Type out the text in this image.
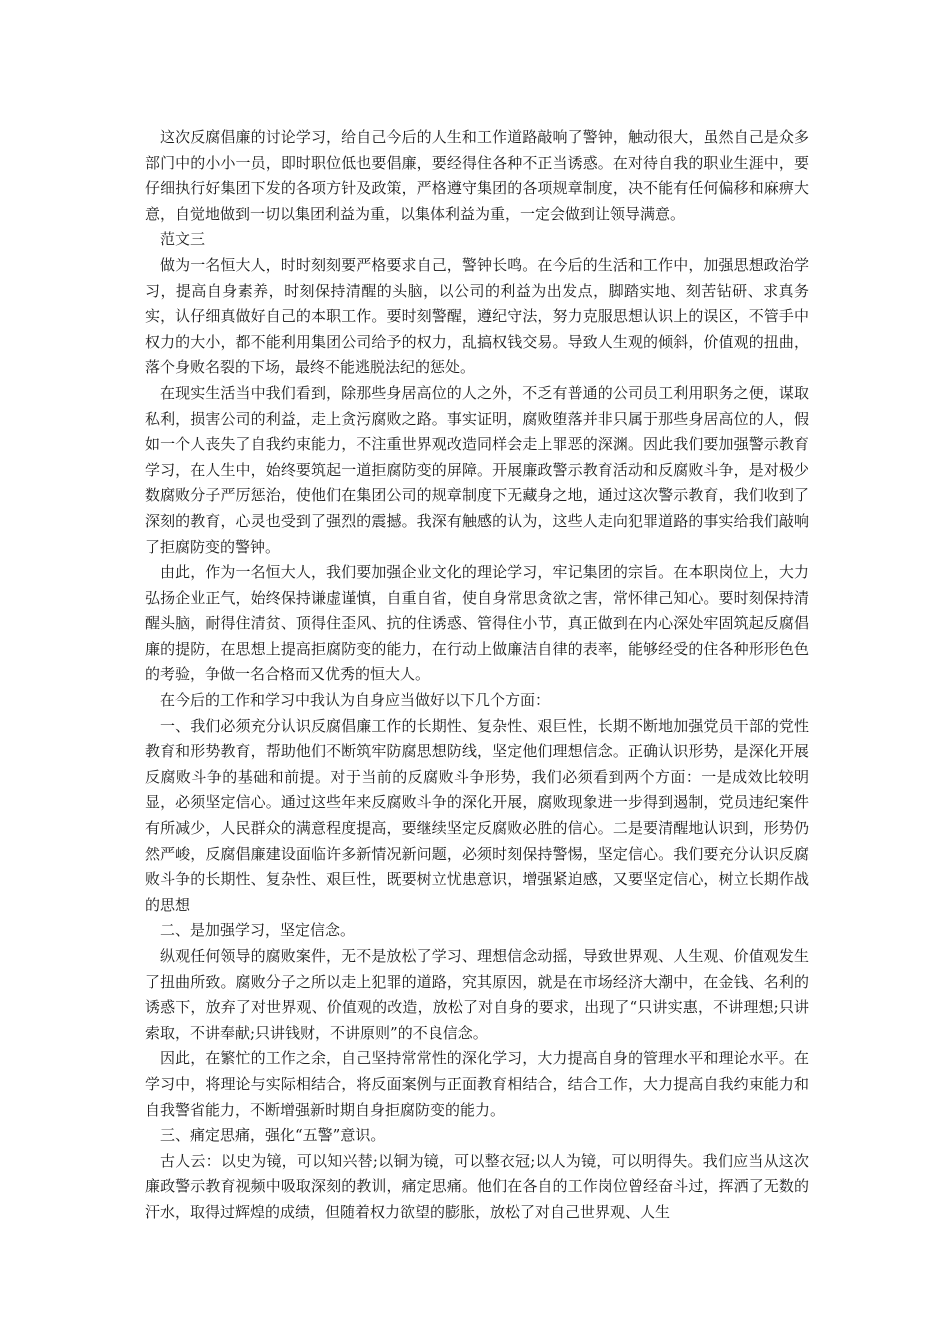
这次反腐倡廉的讨论学习，给自己今后的人生和工作道路敲响了警钟，触动很大，虽然自己是众多部门中的小小一员，即时职位低也要倡廉，要经得住各种不正当诱惑。在对待自我的职业生涯中，要仔细执行好集团下发的各项方针及政策，严格遵守集团的各项规章制度，决不能有任何偏移和麻痹大意，自觉地做到一切以集团利益为重，以集体利益为重，一定会做到让领导满意。

范文三

做为一名恒大人，时时刻刻要严格要求自己，警钟长鸣。在今后的生活和工作中，加强思想政治学习，提高自身素养，时刻保持清醒的头脑，以公司的利益为出发点，脚踏实地、刻苦钻研、求真务实，认仔细真做好自己的本职工作。要时刻警醒，遵纪守法，努力克服思想认识上的误区，不管手中权力的大小，都不能利用集团公司给予的权力，乱搞权钱交易。导致人生观的倾斜，价值观的扭曲，落个身败名裂的下场，最终不能逃脱法纪的惩处。

在现实生活当中我们看到，除那些身居高位的人之外，不乏有普通的公司员工利用职务之便，谋取私利，损害公司的利益，走上贪污腐败之路。事实证明，腐败堕落并非只属于那些身居高位的人，假如一个人丧失了自我约束能力，不注重世界观改造同样会走上罪恶的深渊。因此我们要加强警示教育学习，在人生中，始终要筑起一道拒腐防变的屏障。开展廉政警示教育活动和反腐败斗争，是对极少数腐败分子严厉惩治，使他们在集团公司的规章制度下无藏身之地，通过这次警示教育，我们收到了深刻的教育，心灵也受到了强烈的震撼。我深有触感的认为，这些人走向犯罪道路的事实给我们敲响了拒腐防变的警钟。

由此，作为一名恒大人，我们要加强企业文化的理论学习，牢记集团的宗旨。在本职岗位上，大力弘扬企业正气，始终保持谦虚谨慎，自重自省，使自身常思贪欲之害，常怀律己知心。要时刻保持清醒头脑，耐得住清贫、顶得住歪风、抗的住诱惑、管得住小节，真正做到在内心深处牢固筑起反腐倡廉的提防，在思想上提高拒腐防变的能力，在行动上做廉洁自律的表率，能够经受的住各种形形色色的考验，争做一名合格而又优秀的恒大人。

在今后的工作和学习中我认为自身应当做好以下几个方面：

一、我们必须充分认识反腐倡廉工作的长期性、复杂性、艰巨性，长期不断地加强党员干部的党性教育和形势教育，帮助他们不断筑牢防腐思想防线，坚定他们理想信念。正确认识形势，是深化开展反腐败斗争的基础和前提。对于当前的反腐败斗争形势，我们必须看到两个方面：一是成效比较明显，必须坚定信心。通过这些年来反腐败斗争的深化开展，腐败现象进一步得到遏制，党员违纪案件有所减少，人民群众的满意程度提高，要继续坚定反腐败必胜的信心。二是要清醒地认识到，形势仍然严峻，反腐倡廉建设面临许多新情况新问题，必须时刻保持警惕，坚定信心。我们要充分认识反腐败斗争的长期性、复杂性、艰巨性，既要树立忧患意识，增强紧迫感，又要坚定信心，树立长期作战的思想

二、是加强学习，坚定信念。

纵观任何领导的腐败案件，无不是放松了学习、理想信念动摇，导致世界观、人生观、价值观发生了扭曲所致。腐败分子之所以走上犯罪的道路，究其原因，就是在市场经济大潮中，在金钱、名利的诱惑下，放弃了对世界观、价值观的改造，放松了对自身的要求，出现了“只讲实惠，不讲理想;只讲索取，不讲奉献;只讲钱财，不讲原则”的不良信念。

因此，在繁忙的工作之余，自己坚持常常性的深化学习，大力提高自身的管理水平和理论水平。在学习中，将理论与实际相结合，将反面案例与正面教育相结合，结合工作，大力提高自我约束能力和自我警省能力，不断增强新时期自身拒腐防变的能力。

三、痛定思痛，强化“五警”意识。

古人云：以史为镜，可以知兴替;以铜为镜，可以整衣冠;以人为镜，可以明得失。我们应当从这次廉政警示教育视频中吸取深刻的教训，痛定思痛。他们在各自的工作岗位曾经奋斗过，挥洒了无数的汗水，取得过辉煌的成绩，但随着权力欲望的膨胀，放松了对自己世界观、人生
